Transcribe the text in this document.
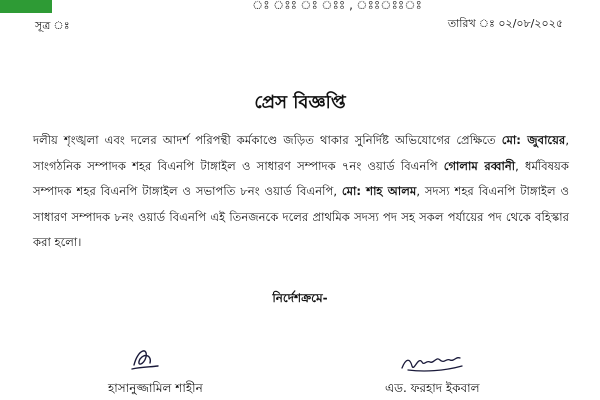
ঃ ঃঃ ঃ ঃঃ , ঃঃঃঃঃ
সূত্র ঃ	তারিখ ঃ ০২/০৮/২০২৫
প্রেস বিজ্ঞপ্তি
দলীয় শৃংঙ্খলা এবং দলের আদর্শ পরিপন্থী কর্মকাণ্ডে জড়িত থাকার সুনির্দিষ্ট অভিযোগের প্রেক্ষিতে মো: জুবায়ের, সাংগঠনিক সম্পাদক শহর বিএনপি টাঙ্গাইল ও সাধারণ সম্পাদক ৭নং ওয়ার্ড বিএনপি গোলাম রব্বানী, ধর্মবিষয়ক সম্পাদক শহর বিএনপি টাঙ্গাইল ও সভাপতি ৮নং ওয়ার্ড বিএনপি, মো: শাহ আলম, সদস্য শহর বিএনপি টাঙ্গাইল ও সাধারণ সম্পাদক ৮নং ওয়ার্ড বিএনপি এই তিনজনকে দলের প্রাথমিক সদস্য পদ সহ সকল পর্যায়ের পদ থেকে বহিস্কার করা হলো।
নির্দেশক্রমে-
হাসানুজ্জামিল শাহীন	এড. ফরহাদ ইকবাল
